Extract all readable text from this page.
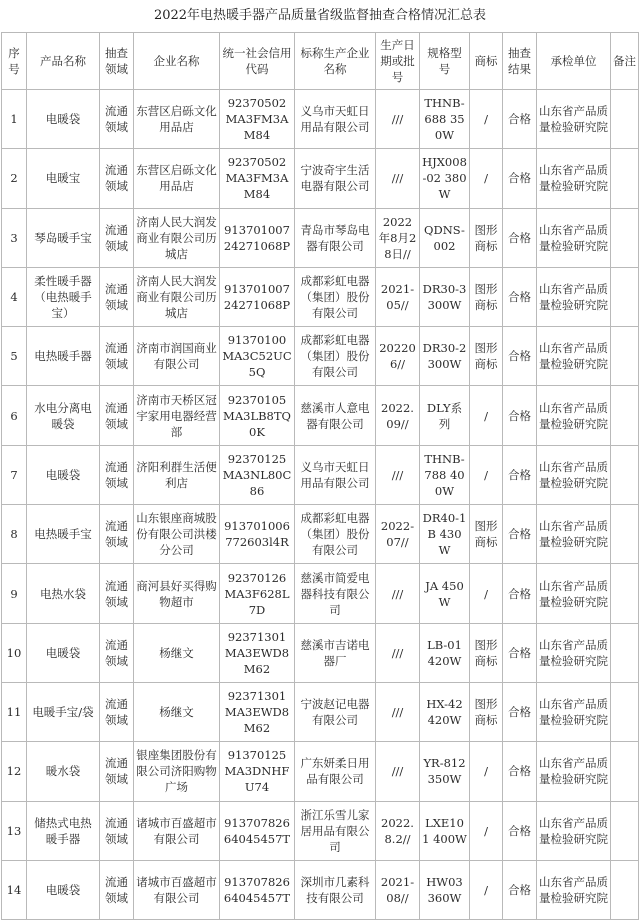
2022年电热暖手器产品质量省级监督抽查合格情况汇总表
序号	产品名称	抽查领域	企业名称	统一社会信用代码	标称生产企业名称	生产日期或批号	规格型号	商标	抽查结果	承检单位	备注
1	电暖袋	流通领域	东营区启砾文化用品店	92370502MA3FM3AM84	义乌市天虹日用品有限公司	///	THNB-688 350W	/	合格	山东省产品质量检验研究院	
2	电暖宝	流通领域	东营区启砾文化用品店	92370502MA3FM3AM84	宁波奇宇生活电器有限公司	///	HJX008-02 380W	/	合格	山东省产品质量检验研究院	
3	琴岛暖手宝	流通领域	济南人民大润发商业有限公司历城店	91370100724271068P	青岛市琴岛电器有限公司	2022年8月28日//	QDNS-002	图形商标	合格	山东省产品质量检验研究院	
4	柔性暖手器（电热暖手宝）	流通领域	济南人民大润发商业有限公司历城店	91370100724271068P	成都彩虹电器（集团）股份有限公司	2021-05//	DR30-3 300W	图形商标	合格	山东省产品质量检验研究院	
5	电热暖手器	流通领域	济南市润国商业有限公司	91370100MA3C52UC5Q	成都彩虹电器（集团）股份有限公司	202206//	DR30-2 300W	图形商标	合格	山东省产品质量检验研究院	
6	水电分离电暖袋	流通领域	济南市天桥区冠宇家用电器经营部	92370105MA3LB8TQ0K	慈溪市人意电器有限公司	2022.09//	DLY系列	/	合格	山东省产品质量检验研究院	
7	电暖袋	流通领域	济阳利群生活便利店	92370125MA3NL80C86	义乌市天虹日用品有限公司	///	THNB-788 400W	/	合格	山东省产品质量检验研究院	
8	电热暖手宝	流通领域	山东银座商城股份有限公司洪楼分公司	913701006772603l4R	成都彩虹电器（集团）股份有限公司	2022-07//	DR40-1B 430W	图形商标	合格	山东省产品质量检验研究院	
9	电热水袋	流通领域	商河县好买得购物超市	92370126MA3F628L7D	慈溪市简爱电器科技有限公司	///	JA 450W	/	合格	山东省产品质量检验研究院	
10	电暖袋	流通领域	杨继文	92371301MA3EWD8M62	慈溪市吉诺电器厂	///	LB-01 420W	图形商标	合格	山东省产品质量检验研究院	
11	电暖手宝/袋	流通领域	杨继文	92371301MA3EWD8M62	宁波赵记电器有限公司	///	HX-42 420W	图形商标	合格	山东省产品质量检验研究院	
12	暖水袋	流通领域	银座集团股份有限公司济阳购物广场	91370125MA3DNHFU74	广东妍柔日用品有限公司	///	YR-812 350W	/	合格	山东省产品质量检验研究院	
13	储热式电热暖手器	流通领域	诸城市百盛超市有限公司	91370782664045457T	浙江乐雪儿家居用品有限公司	2022.8.2//	LXE101 400W	/	合格	山东省产品质量检验研究院	
14	电暖袋	流通领域	诸城市百盛超市有限公司	91370782664045457T	深圳市几素科技有限公司	2021-08//	HW03 360W	/	合格	山东省产品质量检验研究院	
